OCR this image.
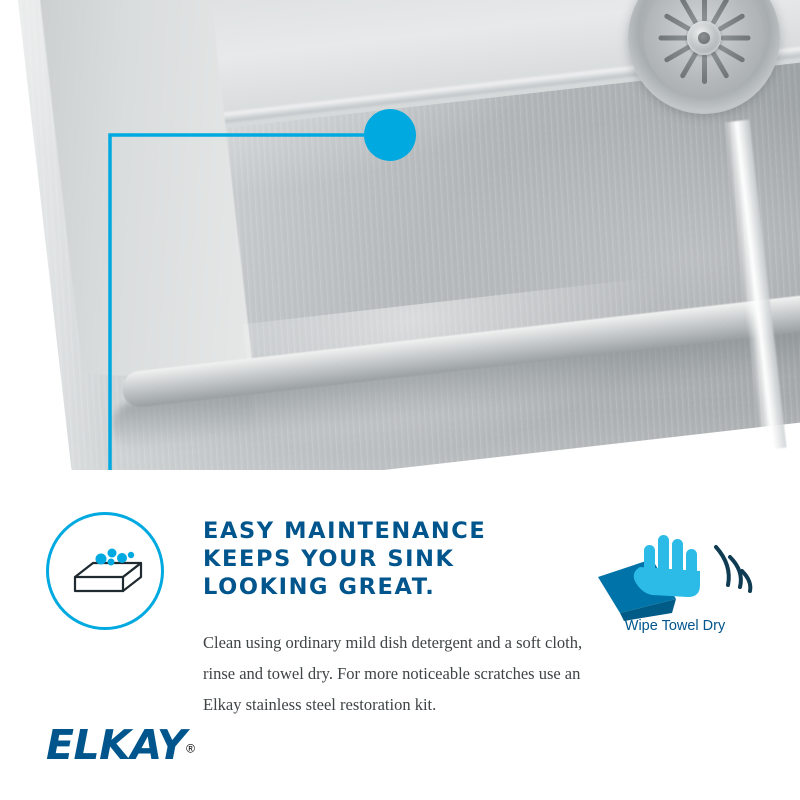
EASY MAINTENANCE
KEEPS YOUR SINK
LOOKING GREAT.
Clean using ordinary mild dish detergent and a soft cloth, rinse and towel dry. For more noticeable scratches use an Elkay stainless steel restoration kit.
Wipe Towel Dry
ELKAY®
